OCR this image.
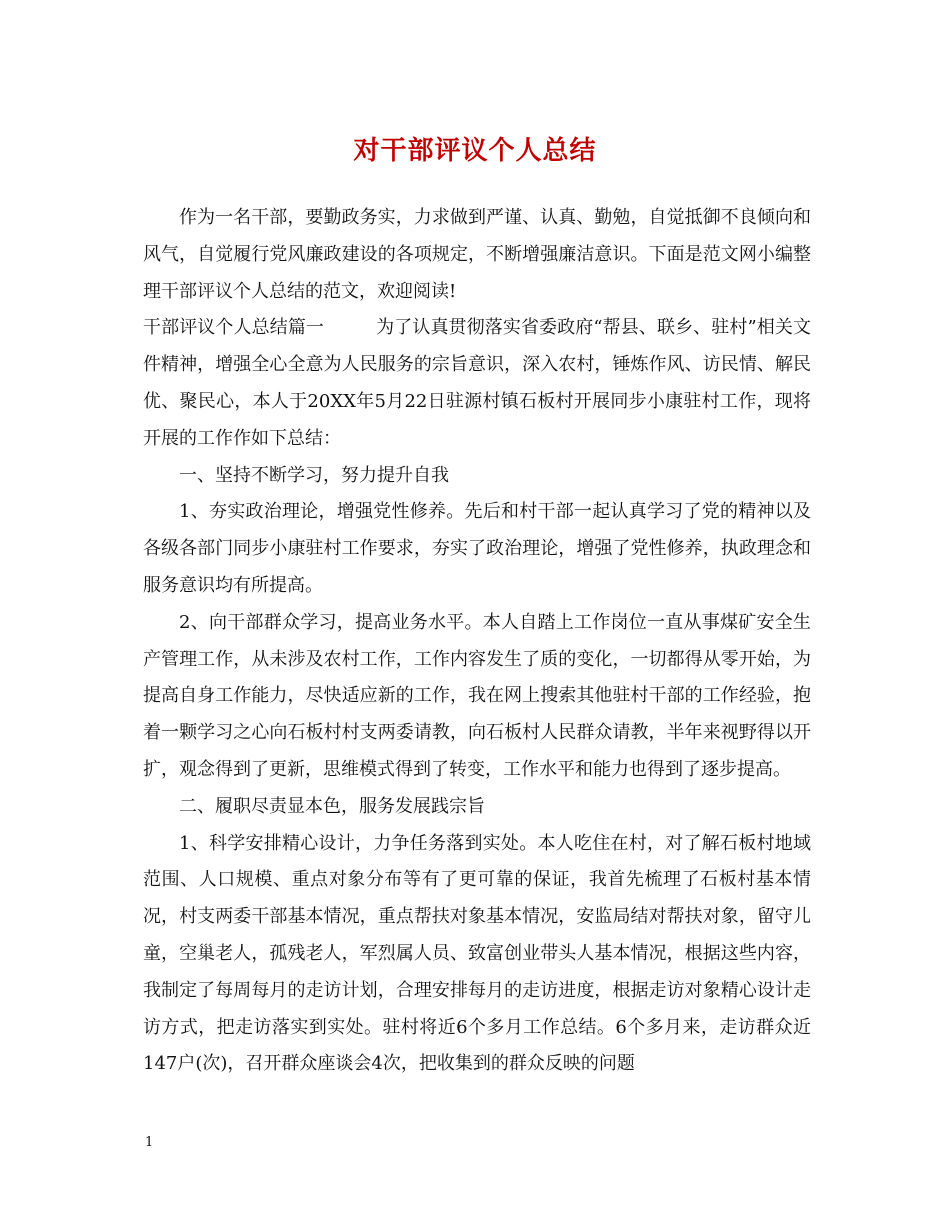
对干部评议个人总结

作为一名干部，要勤政务实，力求做到严谨、认真、勤勉，自觉抵御不良倾向和风气，自觉履行党风廉政建设的各项规定，不断增强廉洁意识。下面是范文网小编整理干部评议个人总结的范文，欢迎阅读!

干部评议个人总结篇一	为了认真贯彻落实省委政府“帮县、联乡、驻村”相关文件精神，增强全心全意为人民服务的宗旨意识，深入农村，锤炼作风、访民情、解民优、聚民心，本人于20XX年5月22日驻源村镇石板村开展同步小康驻村工作，现将开展的工作作如下总结：

一、坚持不断学习，努力提升自我

1、夯实政治理论，增强党性修养。先后和村干部一起认真学习了党的精神以及各级各部门同步小康驻村工作要求，夯实了政治理论，增强了党性修养，执政理念和服务意识均有所提高。

2、向干部群众学习，提高业务水平。本人自踏上工作岗位一直从事煤矿安全生产管理工作，从未涉及农村工作，工作内容发生了质的变化，一切都得从零开始，为提高自身工作能力，尽快适应新的工作，我在网上搜索其他驻村干部的工作经验，抱着一颗学习之心向石板村村支两委请教，向石板村人民群众请教，半年来视野得以开扩，观念得到了更新，思维模式得到了转变，工作水平和能力也得到了逐步提高。

二、履职尽责显本色，服务发展践宗旨

1、科学安排精心设计，力争任务落到实处。本人吃住在村，对了解石板村地域范围、人口规模、重点对象分布等有了更可靠的保证，我首先梳理了石板村基本情况，村支两委干部基本情况，重点帮扶对象基本情况，安监局结对帮扶对象，留守儿童，空巢老人，孤残老人，军烈属人员、致富创业带头人基本情况，根据这些内容，我制定了每周每月的走访计划，合理安排每月的走访进度，根据走访对象精心设计走访方式，把走访落实到实处。驻村将近6个多月工作总结。6个多月来，走访群众近147户(次)，召开群众座谈会4次，把收集到的群众反映的问题

1
